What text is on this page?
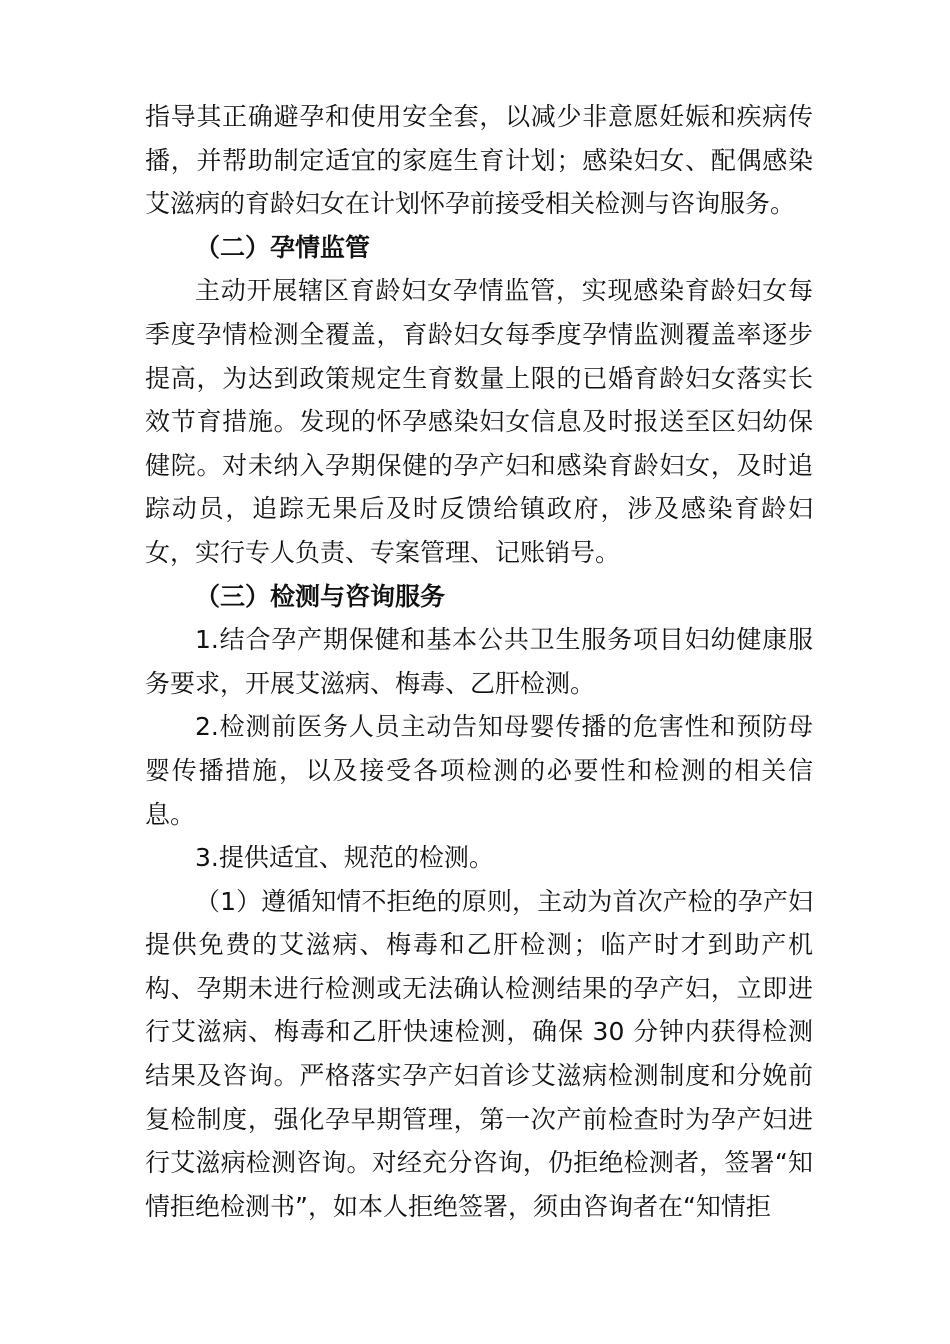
指导其正确避孕和使用安全套，以减少非意愿妊娠和疾病传播，并帮助制定适宜的家庭生育计划；感染妇女、配偶感染艾滋病的育龄妇女在计划怀孕前接受相关检测与咨询服务。

（二）孕情监管

主动开展辖区育龄妇女孕情监管，实现感染育龄妇女每季度孕情检测全覆盖，育龄妇女每季度孕情监测覆盖率逐步提高，为达到政策规定生育数量上限的已婚育龄妇女落实长效节育措施。发现的怀孕感染妇女信息及时报送至区妇幼保健院。对未纳入孕期保健的孕产妇和感染育龄妇女，及时追踪动员，追踪无果后及时反馈给镇政府，涉及感染育龄妇女，实行专人负责、专案管理、记账销号。

（三）检测与咨询服务

1.结合孕产期保健和基本公共卫生服务项目妇幼健康服务要求，开展艾滋病、梅毒、乙肝检测。

2.检测前医务人员主动告知母婴传播的危害性和预防母婴传播措施，以及接受各项检测的必要性和检测的相关信息。

3.提供适宜、规范的检测。

（1）遵循知情不拒绝的原则，主动为首次产检的孕产妇提供免费的艾滋病、梅毒和乙肝检测；临产时才到助产机构、孕期未进行检测或无法确认检测结果的孕产妇，立即进行艾滋病、梅毒和乙肝快速检测，确保 30 分钟内获得检测结果及咨询。严格落实孕产妇首诊艾滋病检测制度和分娩前复检制度，强化孕早期管理，第一次产前检查时为孕产妇进行艾滋病检测咨询。对经充分咨询，仍拒绝检测者，签署“知情拒绝检测书”，如本人拒绝签署，须由咨询者在“知情拒
